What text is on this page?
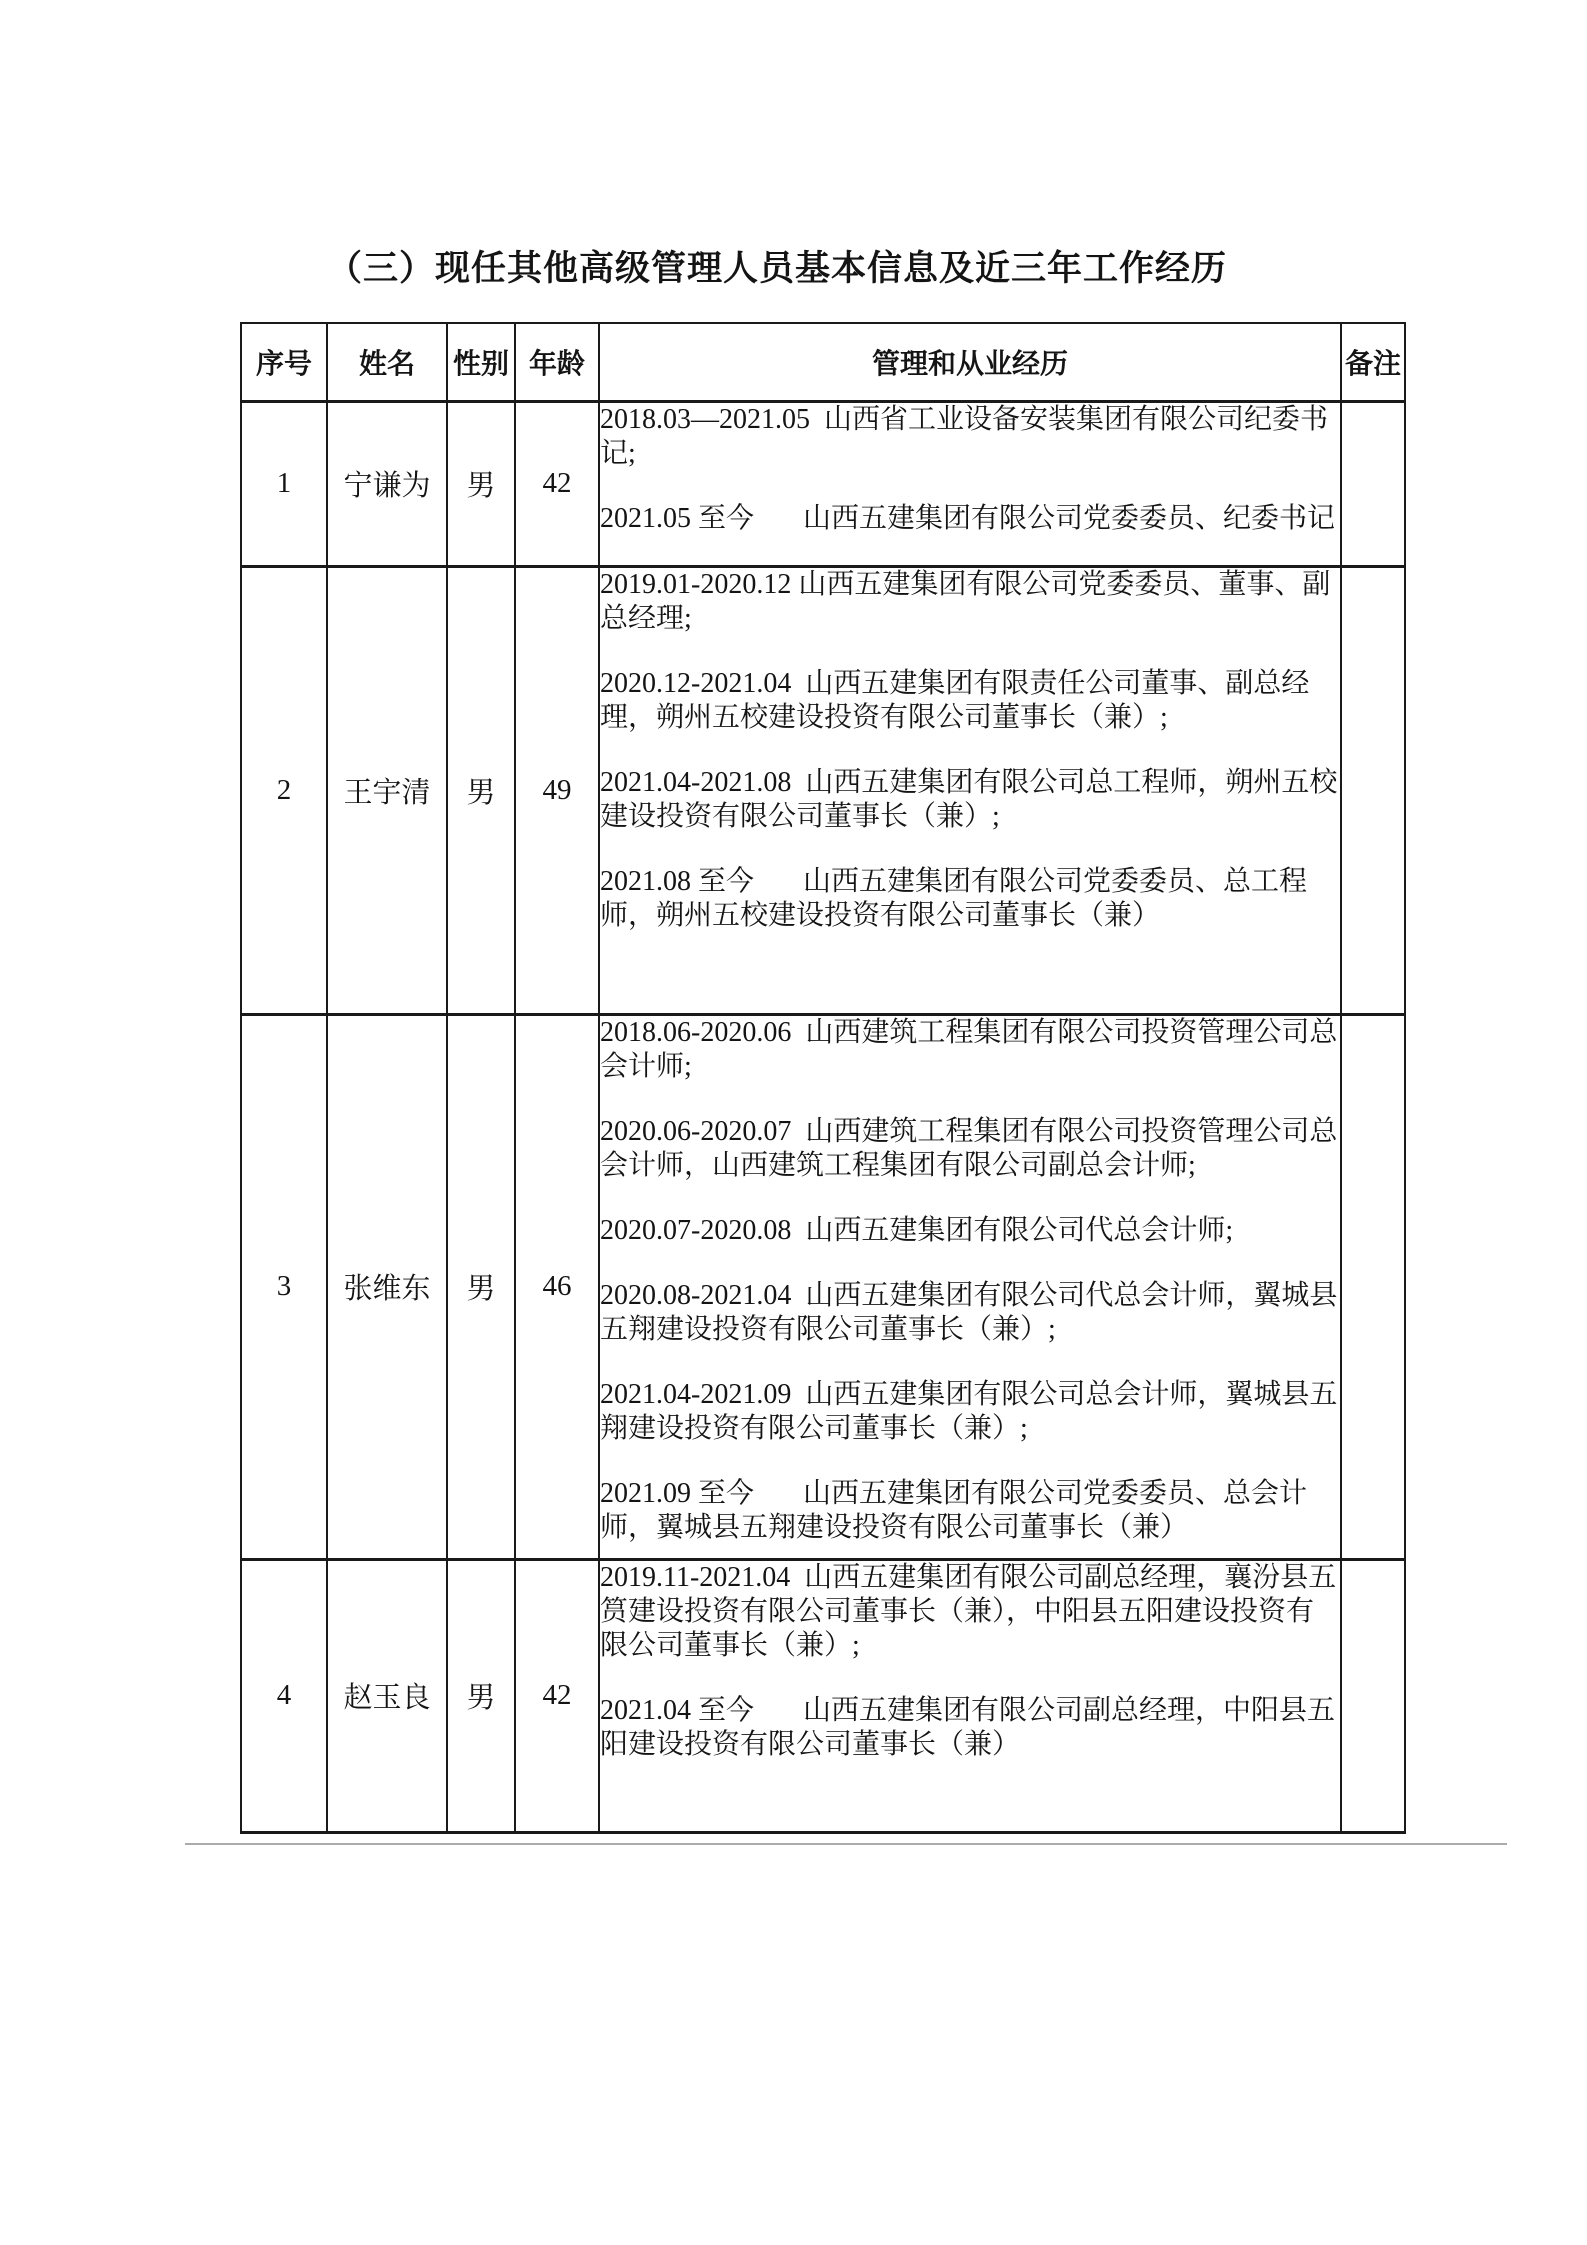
（三）现任其他高级管理人员基本信息及近三年工作经历
序号	姓名	性别	年龄	管理和从业经历	备注
1	宁谦为	男	42	2018.03—2021.05  山西省工业设备安装集团有限公司纪委书记;

2021.05 至今       山西五建集团有限公司党委委员、纪委书记	

2	王宇清	男	49	2019.01-2020.12 山西五建集团有限公司党委委员、董事、副总经理;

2020.12-2021.04  山西五建集团有限责任公司董事、副总经理，朔州五校建设投资有限公司董事长（兼）;

2021.04-2021.08  山西五建集团有限公司总工程师，朔州五校建设投资有限公司董事长（兼）;

2021.08 至今       山西五建集团有限公司党委委员、总工程师，朔州五校建设投资有限公司董事长（兼）	

3	张维东	男	46	

2018.06-2020.06  山西建筑工程集团有限公司投资管理公司总会计师;

2020.06-2020.07  山西建筑工程集团有限公司投资管理公司总会计师，山西建筑工程集团有限公司副总会计师;

2020.07-2020.08  山西五建集团有限公司代总会计师;

2020.08-2021.04  山西五建集团有限公司代总会计师，翼城县五翔建设投资有限公司董事长（兼）;

2021.04-2021.09  山西五建集团有限公司总会计师，翼城县五翔建设投资有限公司董事长（兼）;

2021.09 至今       山西五建集团有限公司党委委员、总会计师，翼城县五翔建设投资有限公司董事长（兼）

4	赵玉良	男	42	2019.11-2021.04  山西五建集团有限公司副总经理，襄汾县五筼建设投资有限公司董事长（兼），中阳县五阳建设投资有限公司董事长（兼）;

2021.04 至今       山西五建集团有限公司副总经理，中阳县五阳建设投资有限公司董事长（兼）	
